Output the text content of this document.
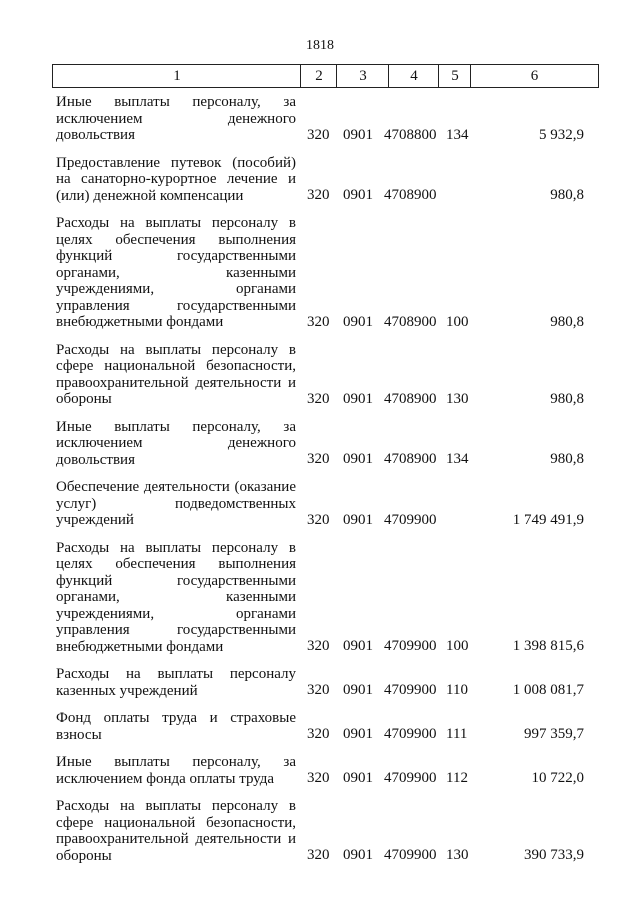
1818
1	2	3	4	5	6
Иные выплаты персоналу, за
исключением денежного
довольствия	320 0901 4708800 134	5 932,9
Предоставление путевок (пособий)
на санаторно-курортное лечение и
(или) денежной компенсации	320 0901 4708900	980,8
Расходы на выплаты персоналу в
целях обеспечения выполнения
функций государственными
органами, казенными
учреждениями, органами
управления государственными
внебюджетными фондами	320 0901 4708900 100	980,8
Расходы на выплаты персоналу в
сфере национальной безопасности,
правоохранительной деятельности и
обороны	320 0901 4708900 130	980,8
Иные выплаты персоналу, за
исключением денежного
довольствия	320 0901 4708900 134	980,8
Обеспечение деятельности (оказание
услуг) подведомственных
учреждений	320 0901 4709900	1 749 491,9
Расходы на выплаты персоналу в
целях обеспечения выполнения
функций государственными
органами, казенными
учреждениями, органами
управления государственными
внебюджетными фондами	320 0901 4709900 100	1 398 815,6
Расходы на выплаты персоналу
казенных учреждений	320 0901 4709900 110	1 008 081,7
Фонд оплаты труда и страховые
взносы	320 0901 4709900 111	997 359,7
Иные выплаты персоналу, за
исключением фонда оплаты труда	320 0901 4709900 112	10 722,0
Расходы на выплаты персоналу в
сфере национальной безопасности,
правоохранительной деятельности и
обороны	320 0901 4709900 130	390 733,9
